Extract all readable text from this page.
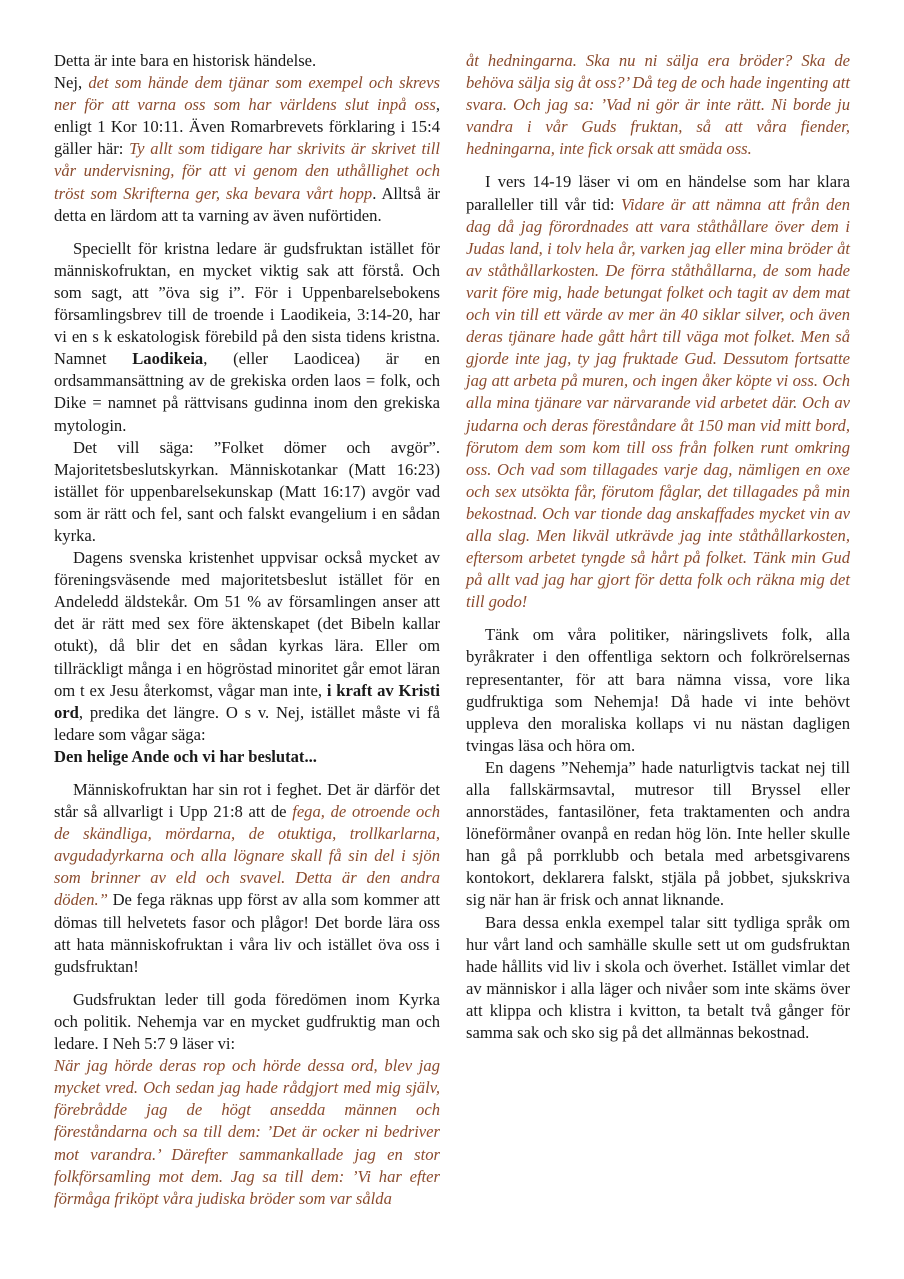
Detta är inte bara en historisk händelse.
Nej, det som hände dem tjänar som exempel och skrevs ner för att varna oss som har världens slut inpå oss, enligt 1 Kor 10:11. Även Romarbrevets förklaring i 15:4 gäller här: Ty allt som tidigare har skrivits är skrivet till vår undervisning, för att vi genom den uthållighet och tröst som Skrifterna ger, ska bevara vårt hopp. Alltså är detta en lärdom att ta varning av även nuförtiden.

Speciellt för kristna ledare är gudsfruktan istället för människofruktan, en mycket viktig sak att förstå. Och som sagt, att ”öva sig i”. För i Uppenbarelsebokens församlingsbrev till de troende i Laodikeia, 3:14-20, har vi en s k eskatologisk förebild på den sista tidens kristna. Namnet Laodikeia, (eller Laodicea) är en ordsammansättning av de grekiska orden laos = folk, och Dike = namnet på rättvisans gudinna inom den grekiska mytologin.

Det vill säga: ”Folket dömer och avgör”. Majoritetsbeslutskyrkan. Människotankar (Matt 16:23) istället för uppenbarelsekunskap (Matt 16:17) avgör vad som är rätt och fel, sant och falskt evangelium i en sådan kyrka.

Dagens svenska kristenhet uppvisar också mycket av föreningsväsende med majoritetsbeslut istället för en Andeledd äldstekår. Om 51 % av församlingen anser att det är rätt med sex före äktenskapet (det Bibeln kallar otukt), då blir det en sådan kyrkas lära. Eller om tillräckligt många i en högröstad minoritet går emot läran om t ex Jesu återkomst, vågar man inte, i kraft av Kristi ord, predika det längre. O s v. Nej, istället måste vi få ledare som vågar säga:
Den helige Ande och vi har beslutat...

Människofruktan har sin rot i feghet. Det är därför det står så allvarligt i Upp 21:8 att de fega, de otroende och de skändliga, mördarna, de otuktiga, trollkarlarna, avgudadyrkarna och alla lögnare skall få sin del i sjön som brinner av eld och svavel. Detta är den andra döden.” De fega räknas upp först av alla som kommer att dömas till helvetets fasor och plågor! Det borde lära oss att hata människofruktan i våra liv och istället öva oss i gudsfruktan!

Gudsfruktan leder till goda föredömen inom Kyrka och politik. Nehemja var en mycket gudfruktig man och ledare. I Neh 5:7 9 läser vi:
När jag hörde deras rop och hörde dessa ord, blev jag mycket vred. Och sedan jag hade rådgjort med mig själv, förebrådde jag de högt ansedda männen och föreståndarna och sa till dem: ’Det är ocker ni bedriver mot varandra.’ Därefter sammankallade jag en stor folkförsamling mot dem. Jag sa till dem: ’Vi har efter förmåga friköpt våra judiska bröder som var sålda

åt hedningarna. Ska nu ni sälja era bröder? Ska de behöva sälja sig åt oss?’ Då teg de och hade ingenting att svara. Och jag sa: ’Vad ni gör är inte rätt. Ni borde ju vandra i vår Guds fruktan, så att våra fiender, hedningarna, inte fick orsak att smäda oss.

I vers 14-19 läser vi om en händelse som har klara paralleller till vår tid: Vidare är att nämna att från den dag då jag förordnades att vara ståthållare över dem i Judas land, i tolv hela år, varken jag eller mina bröder åt av ståthållarkosten. De förra ståthållarna, de som hade varit före mig, hade betungat folket och tagit av dem mat och vin till ett värde av mer än 40 siklar silver, och även deras tjänare hade gått hårt till väga mot folket. Men så gjorde inte jag, ty jag fruktade Gud. Dessutom fortsatte jag att arbeta på muren, och ingen åker köpte vi oss. Och alla mina tjänare var närvarande vid arbetet där. Och av judarna och deras föreståndare åt 150 man vid mitt bord, förutom dem som kom till oss från folken runt omkring oss. Och vad som tillagades varje dag, nämligen en oxe och sex utsökta får, förutom fåglar, det tillagades på min bekostnad. Och var tionde dag anskaffades mycket vin av alla slag. Men likväl utkrävde jag inte ståthållarkosten, eftersom arbetet tyngde så hårt på folket. Tänk min Gud på allt vad jag har gjort för detta folk och räkna mig det till godo!

Tänk om våra politiker, näringslivets folk, alla byråkrater i den offentliga sektorn och folkrörelsernas representanter, för att bara nämna vissa, vore lika gudfruktiga som Nehemja! Då hade vi inte behövt uppleva den moraliska kollaps vi nu nästan dagligen tvingas läsa och höra om.

En dagens ”Nehemja” hade naturligtvis tackat nej till alla fallskärmsavtal, mutresor till Bryssel eller annorstädes, fantasilöner, feta traktamenten och andra löneförmåner ovanpå en redan hög lön. Inte heller skulle han gå på porrklubb och betala med arbetsgivarens kontokort, deklarera falskt, stjäla på jobbet, sjukskriva sig när han är frisk och annat liknande.

Bara dessa enkla exempel talar sitt tydliga språk om hur vårt land och samhälle skulle sett ut om gudsfruktan hade hållits vid liv i skola och överhet. Istället vimlar det av människor i alla läger och nivåer som inte skäms över att klippa och klistra i kvitton, ta betalt två gånger för samma sak och sko sig på det allmännas bekostnad.
